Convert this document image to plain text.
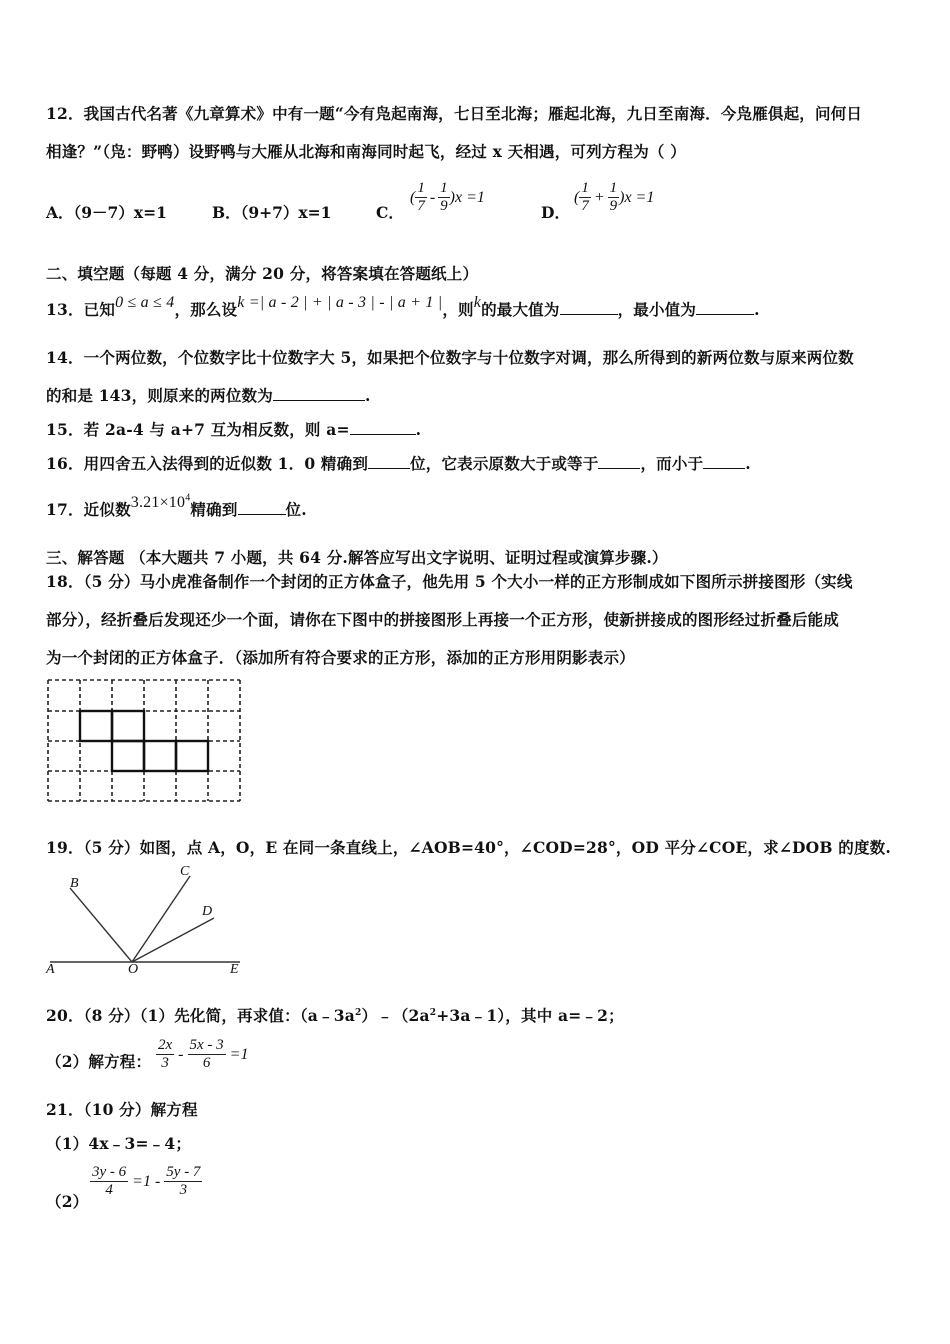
12．我国古代名著《九章算术》中有一题“今有凫起南海，七日至北海；雁起北海，九日至南海．今凫雁俱起，问何日
相逢？”（凫：野鸭）设野鸭与大雁从北海和南海同时起飞，经过 x 天相遇，可列方程为（ ）
A．（9－7）x=1	B．（9+7）x=1	C．
( $\frac{1}{7} - \frac{1}{9} )x =1$
D．
( $\frac{1}{7} + \frac{1}{9} )x =1$
二、填空题（每题 4 分，满分 20 分，将答案填在答题纸上）
13．已知0 ≤ a ≤ 4，那么设k =| a - 2 | + | a - 3 | - | a + 1 |，则k的最大值为	，最小值为	.
14．一个两位数，个位数字比十位数字大 5，如果把个位数字与十位数字对调，那么所得到的新两位数与原来两位数
的和是 143，则原来的两位数为	.
15．若 2a-4 与 a+7 互为相反数，则 a=	.
16．用四舍五入法得到的近似数 1．0 精确到	位，它表示原数大于或等于	，而小于	.
17．近似数$3.21\times 10^4$精确到	位.
三、解答题 （本大题共 7 小题，共 64 分.解答应写出文字说明、证明过程或演算步骤.）
18．（5 分）马小虎准备制作一个封闭的正方体盒子，他先用 5 个大小一样的正方形制成如下图所示拼接图形（实线
部分），经折叠后发现还少一个面，请你在下图中的拼接图形上再接一个正方形，使新拼接成的图形经过折叠后能成
为一个封闭的正方体盒子．（添加所有符合要求的正方形，添加的正方形用阴影表示）
19．（5 分）如图，点 A，O，E 在同一条直线上，∠AOB=40°，∠COD=28°，OD 平分∠COE，求∠DOB 的度数.
B
C
D
A	O	E
20．（8 分）（1）先化简，再求值：$(a﹣3a^2)﹣(2a^2+3a﹣1)$，其中 a=﹣2；
（2）解方程： $\frac{2x}{3} - \frac{5x - 3}{6} =1$
21．（10 分）解方程
（1）4x﹣3=﹣4；
（2）
$\frac{3y - 6}{4} =1 - \frac{5y - 7}{3}$
